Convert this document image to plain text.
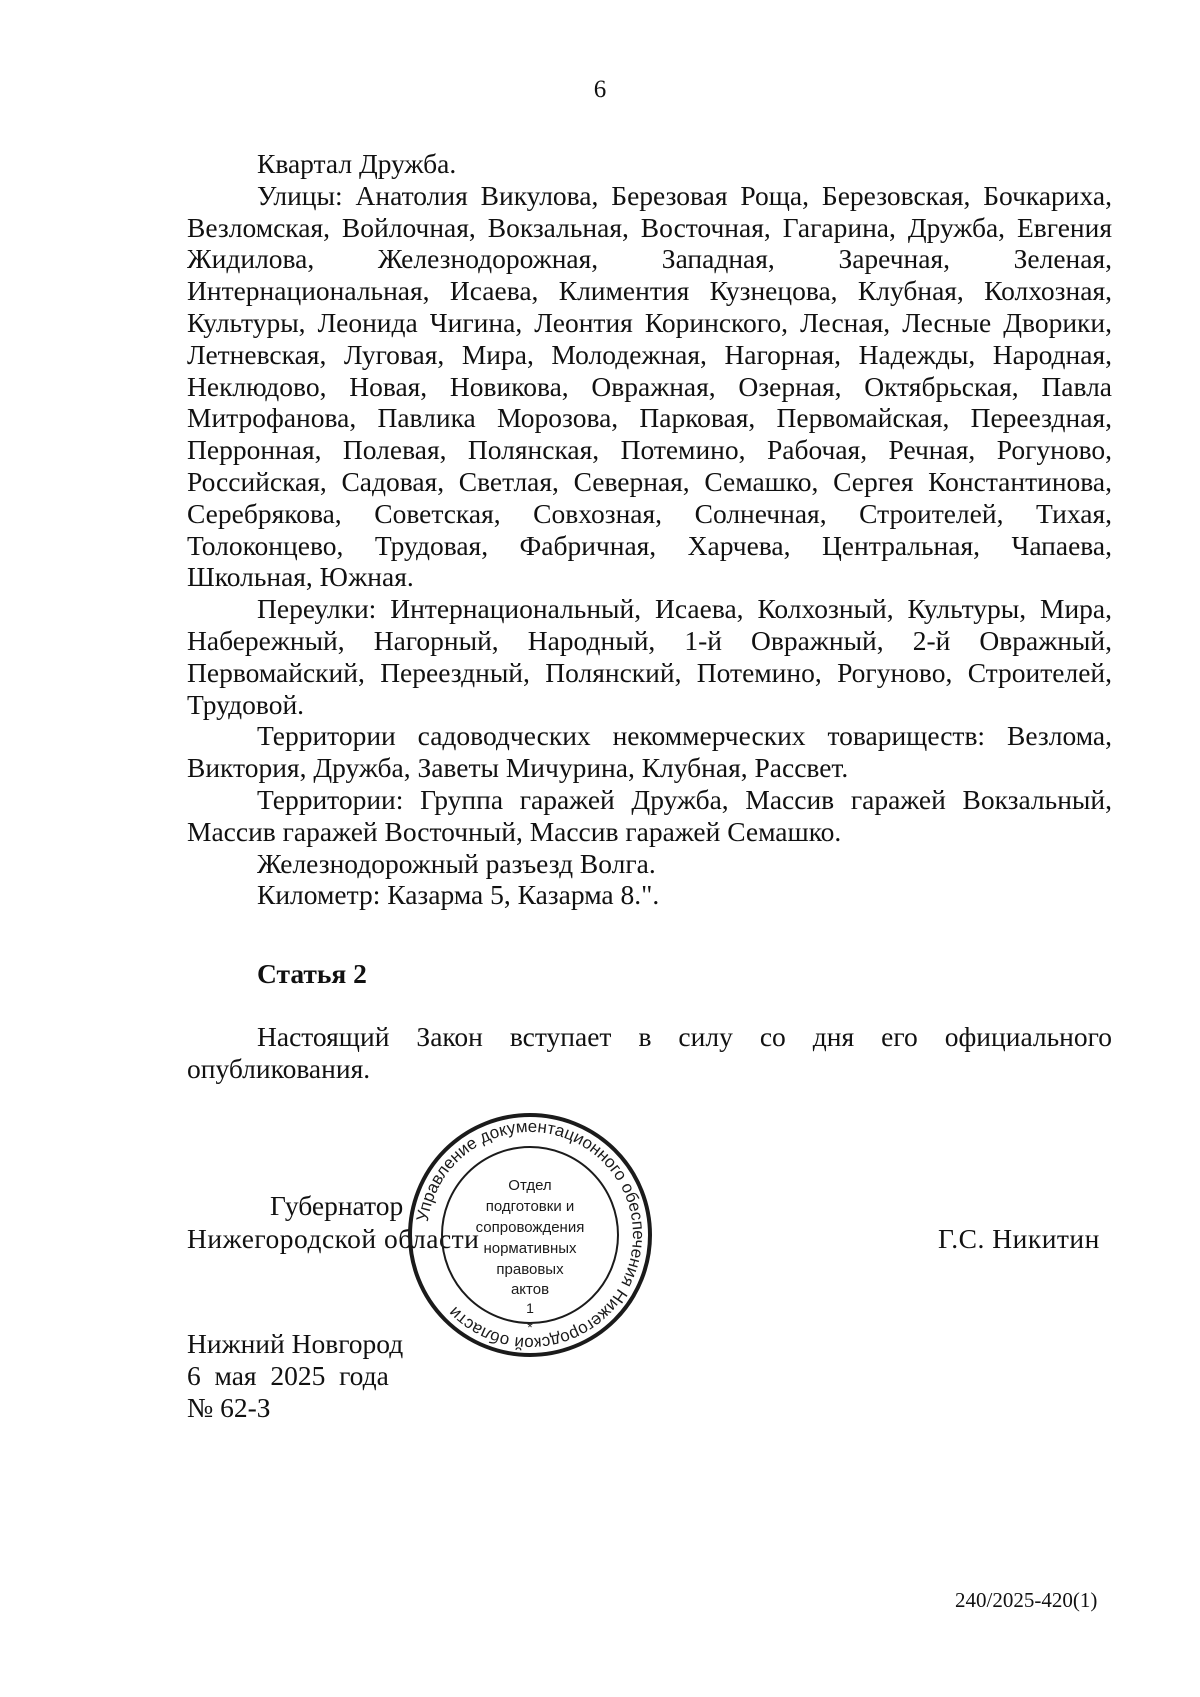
6

Квартал Дружба.

Улицы: Анатолия Викулова, Березовая Роща, Березовская, Бочкариха, Везломская, Войлочная, Вокзальная, Восточная, Гагарина, Дружба, Евгения Жидилова, Железнодорожная, Западная, Заречная, Зеленая, Интернациональная, Исаева, Климентия Кузнецова, Клубная, Колхозная, Культуры, Леонида Чигина, Леонтия Коринского, Лесная, Лесные Дворики, Летневская, Луговая, Мира, Молодежная, Нагорная, Надежды, Народная, Неклюдово, Новая, Новикова, Овражная, Озерная, Октябрьская, Павла Митрофанова, Павлика Морозова, Парковая, Первомайская, Переездная, Перронная, Полевая, Полянская, Потемино, Рабочая, Речная, Рогуново, Российская, Садовая, Светлая, Северная, Семашко, Сергея Константинова, Серебрякова, Советская, Совхозная, Солнечная, Строителей, Тихая, Толоконцево, Трудовая, Фабричная, Харчева, Центральная, Чапаева, Школьная, Южная.

Переулки: Интернациональный, Исаева, Колхозный, Культуры, Мира, Набережный, Нагорный, Народный, 1-й Овражный, 2-й Овражный, Первомайский, Переездный, Полянский, Потемино, Рогуново, Строителей, Трудовой.

Территории садоводческих некоммерческих товариществ: Везлома, Виктория, Дружба, Заветы Мичурина, Клубная, Рассвет.

Территории: Группа гаражей Дружба, Массив гаражей Вокзальный, Массив гаражей Восточный, Массив гаражей Семашко.

Железнодорожный разъезд Волга.

Километр: Казарма 5, Казарма 8.".

Статья 2

Настоящий Закон вступает в силу со дня его официального опубликования.

Губернатор
Нижегородской области	Г.С. Никитин
Управление документационного обеспечения Нижегородской области
Отдел
подготовки и
сопровождения
нормативных
правовых
актов
1
*
Нижний Новгород
6  мая  2025  года
№ 62-З
240/2025-420(1)
